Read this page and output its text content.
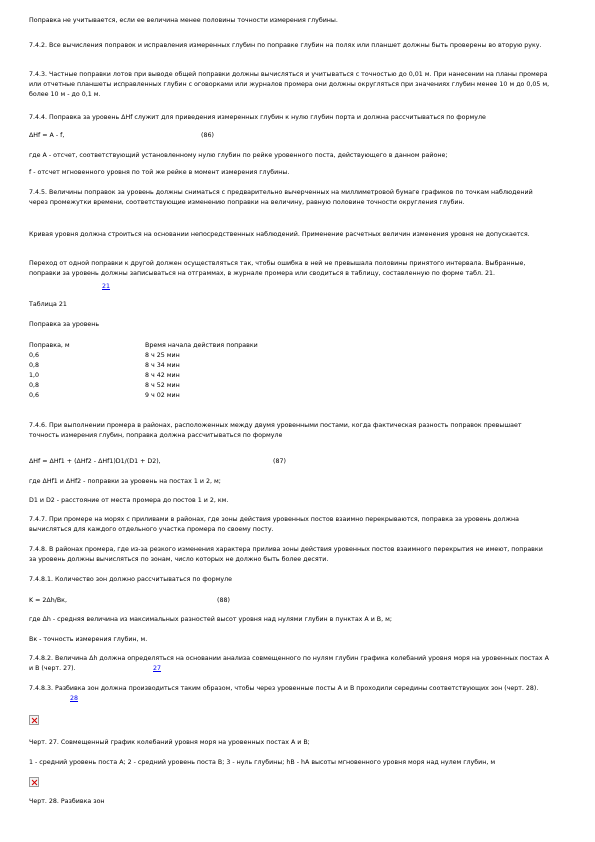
Поправка не учитывается, если ее величина менее половины точности измерения глубины.

7.4.2. Все вычисления поправок и исправления измеренных глубин по поправке глубин на полях или планшет должны быть проверены во вторую руку.

7.4.3. Частные поправки лотов при выводе общей поправки должны вычисляться и учитываться с точностью до 0,01 м. При нанесении на планы промера или отчетные планшеты исправленных глубин с оговорками или журналов промера они должны округляться при значениях глубин менее 10 м до 0,05 м, более 10 м - до 0,1 м.

7.4.4. Поправка за уровень ΔHf служит для приведения измеренных глубин к нулю глубин порта и должна рассчитываться по формуле

ΔHf = A - f,	(86)

где A - отсчет, соответствующий установленному нулю глубин по рейке уровенного поста, действующего в данном районе;

f - отсчет мгновенного уровня по той же рейке в момент измерения глубины.

7.4.5. Величины поправок за уровень должны сниматься с предварительно вычерченных на миллиметровой бумаге графиков по точкам наблюдений через промежутки времени, соответствующие изменению поправки на величину, равную половине точности округления глубин.

Кривая уровня должна строиться на основании непосредственных наблюдений. Применение расчетных величин изменения уровня не допускается.

Переход от одной поправки к другой должен осуществляться так, чтобы ошибка в ней не превышала половины принятого интервала. Выбранные, поправки за уровень должны записываться на отграммах, в журнале промера или сводиться в таблицу, составленную по форме табл. 21.

21

Таблица 21

Поправка за уровень

Поправка, м	Время начала действия поправки
0,6	8 ч 25 мин
0,8	8 ч 34 мин
1,0	8 ч 42 мин
0,8	8 ч 52 мин
0,6	9 ч 02 мин

7.4.6. При выполнении промера в районах, расположенных между двумя уровенными постами, когда фактическая разность поправок превышает точность измерения глубин, поправка должна рассчитываться по формуле

ΔHf = ΔHf1 + (ΔHf2 - ΔHf1)D1/(D1 + D2),	(87)

где ΔHf1 и ΔHf2 - поправки за уровень на постах 1 и 2, м;

D1 и D2 - расстояние от места промера до постов 1 и 2, км.

7.4.7. При промере на морях с приливами в районах, где зоны действия уровенных постов взаимно перекрываются, поправка за уровень должна вычисляться для каждого отдельного участка промера по своему посту.

7.4.8. В районах промера, где из-за резкого изменения характера прилива зоны действия уровенных постов взаимного перекрытия не имеют, поправки за уровень должны вычисляться по зонам, число которых не должно быть более десяти.

7.4.8.1. Количество зон должно рассчитываться по формуле

K = 2Δh/Bк,	(88)

где Δh - средняя величина из максимальных разностей высот уровня над нулями глубин в пунктах A и B, м;

Bк - точность измерения глубин, м.

7.4.8.2. Величина Δh должна определяться на основании анализа совмещенного по нулям глубин графика колебаний уровня моря на уровенных постах A и B (черт. 27).	27

7.4.8.3. Разбивка зон должна производиться таким образом, чтобы через уровенные посты A и B проходили середины соответствующих зон (черт. 28).

28

Черт. 27. Совмещенный график колебаний уровня моря на уровенных постах A и B;

1 - средний уровень поста A; 2 - средний уровень поста B; 3 - нуль глубины; hB - hA высоты мгновенного уровня моря над нулем глубин, м

Черт. 28. Разбивка зон
